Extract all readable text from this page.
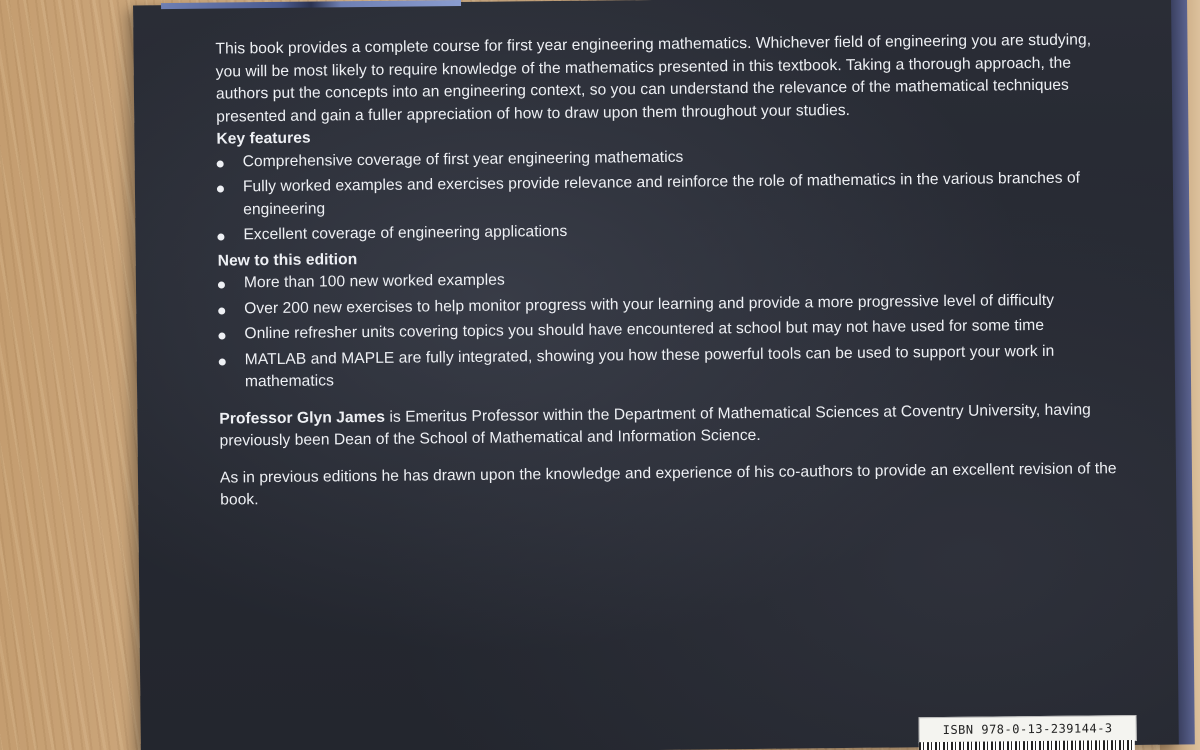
This book provides a complete course for first year engineering mathematics. Whichever field of engineering you are studying, you will be most likely to require knowledge of the mathematics presented in this textbook. Taking a thorough approach, the authors put the concepts into an engineering context, so you can understand the relevance of the mathematical techniques presented and gain a fuller appreciation of how to draw upon them throughout your studies.

Key features

Comprehensive coverage of first year engineering mathematics
Fully worked examples and exercises provide relevance and reinforce the role of mathematics in the various branches of engineering
Excellent coverage of engineering applications

New to this edition

More than 100 new worked examples
Over 200 new exercises to help monitor progress with your learning and provide a more progressive level of difficulty
Online refresher units covering topics you should have encountered at school but may not have used for some time
MATLAB and MAPLE are fully integrated, showing you how these powerful tools can be used to support your work in mathematics

Professor Glyn James is Emeritus Professor within the Department of Mathematical Sciences at Coventry University, having previously been Dean of the School of Mathematical and Information Science.

As in previous editions he has drawn upon the knowledge and experience of his co-authors to provide an excellent revision of the book.

ISBN 978-0-13-239144-3
